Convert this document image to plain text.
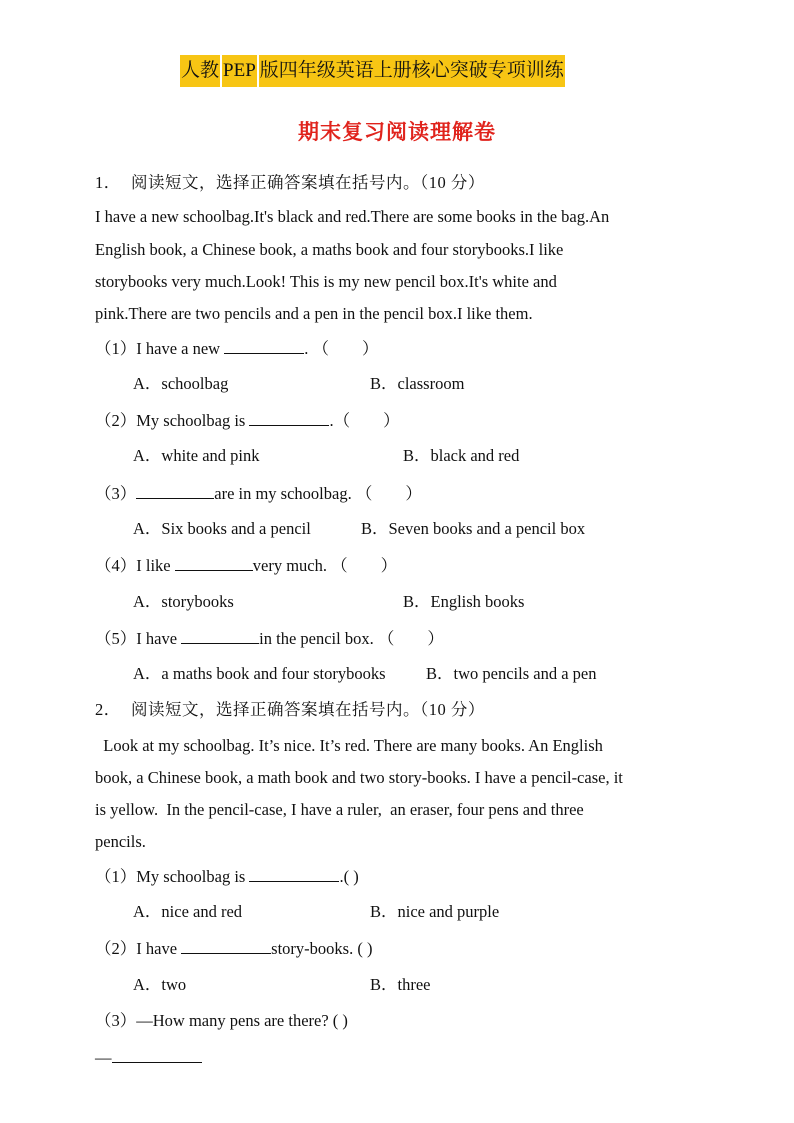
人教 PEP 版四年级英语上册核心突破专项训练
期末复习阅读理解卷
1． 阅读短文，选择正确答案填在括号内。（10 分）
I have a new schoolbag.It's black and red.There are some books in the bag.An
English book, a Chinese book, a maths book and four storybooks.I like
storybooks very much.Look! This is my new pencil box.It's white and
pink.There are two pencils and a pen in the pencil box.I like them.
（1）I have a new	. （　　）
A．schoolbag	B．classroom
（2）My schoolbag is	.（　　）
A．white and pink	B．black and red
（3）	are in my schoolbag. （　　）
A．Six books and a pencil	B．Seven books and a pencil box
（4）I like	very much. （　　）
A．storybooks	B．English books
（5）I have	in the pencil box. （　　）
A．a maths book and four storybooks B．two pencils and a pen
2． 阅读短文，选择正确答案填在括号内。（10 分）
Look at my schoolbag. It’s nice. It’s red. There are many books. An English
book, a Chinese book, a math book and two story-books. I have a pencil-case, it
is yellow.  In the pencil-case, I have a ruler,  an eraser, four pens and three
pencils.
（1）My schoolbag is	.( )
A．nice and red	B．nice and purple
（2）I have	story-books. ( )
A．two	B．three
（3）—How many pens are there? ( )
—
